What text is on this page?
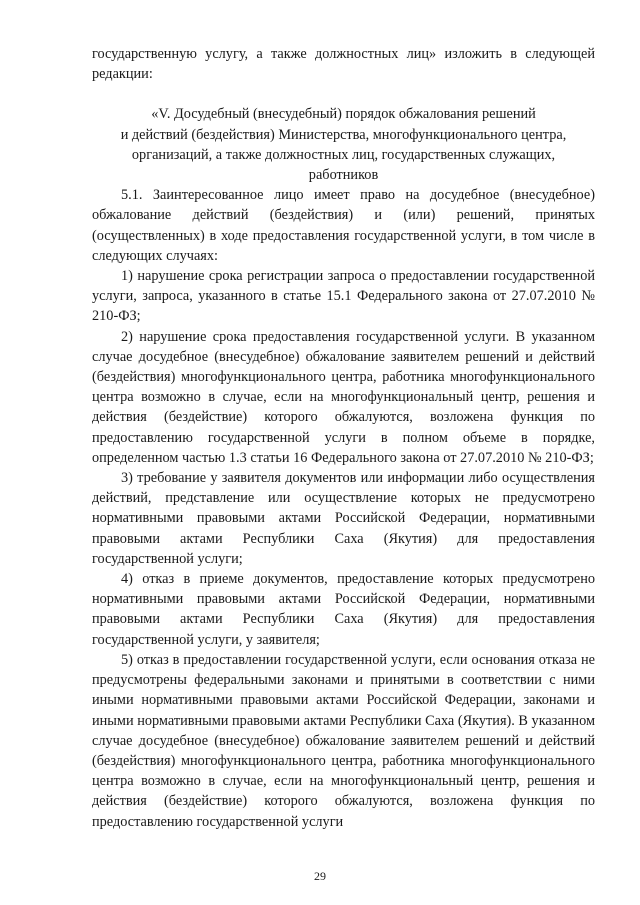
государственную услугу, а также должностных лиц» изложить в следующей редакции:

«V. Досудебный (внесудебный) порядок обжалования решений
и действий (бездействия) Министерства, многофункционального центра,
организаций, а также должностных лиц, государственных служащих,
работников

5.1. Заинтересованное лицо имеет право на досудебное (внесудебное) обжалование действий (бездействия) и (или) решений, принятых (осуществленных) в ходе предоставления государственной услуги, в том числе в следующих случаях:

1) нарушение срока регистрации запроса о предоставлении государственной услуги, запроса, указанного в статье 15.1 Федерального закона от 27.07.2010 № 210-ФЗ;

2) нарушение срока предоставления государственной услуги. В указанном случае досудебное (внесудебное) обжалование заявителем решений и действий (бездействия) многофункционального центра, работника многофункционального центра возможно в случае, если на многофункциональный центр, решения и действия (бездействие) которого обжалуются, возложена функция по предоставлению государственной услуги в полном объеме в порядке, определенном частью 1.3 статьи 16 Федерального закона от 27.07.2010 № 210-ФЗ;

3) требование у заявителя документов или информации либо осуществления действий, представление или осуществление которых не предусмотрено нормативными правовыми актами Российской Федерации, нормативными правовыми актами Республики Саха (Якутия) для предоставления государственной услуги;

4) отказ в приеме документов, предоставление которых предусмотрено нормативными правовыми актами Российской Федерации, нормативными правовыми актами Республики Саха (Якутия) для предоставления государственной услуги, у заявителя;

5) отказ в предоставлении государственной услуги, если основания отказа не предусмотрены федеральными законами и принятыми в соответствии с ними иными нормативными правовыми актами Российской Федерации, законами и иными нормативными правовыми актами Республики Саха (Якутия). В указанном случае досудебное (внесудебное) обжалование заявителем решений и действий (бездействия) многофункционального центра, работника многофункционального центра возможно в случае, если на многофункциональный центр, решения и действия (бездействие) которого обжалуются, возложена функция по предоставлению государственной услуги

29
